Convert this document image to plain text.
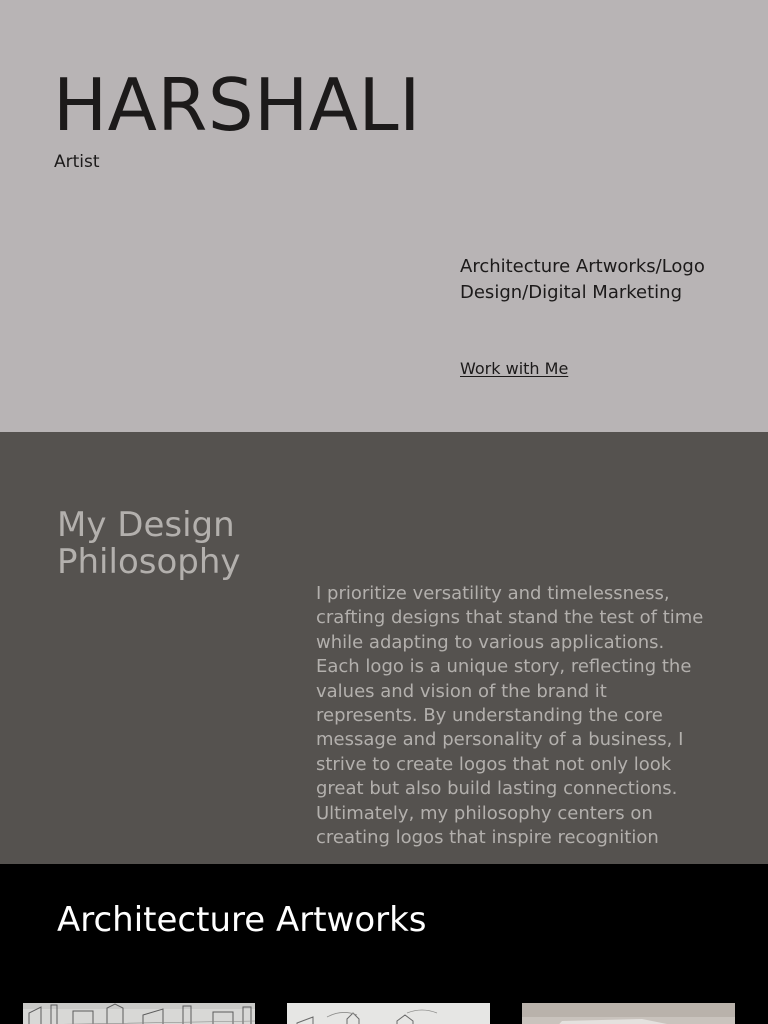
HARSHALI
Artist
Architecture Artworks/Logo Design/Digital Marketing
Work with Me
My Design Philosophy

I prioritize versatility and timelessness, crafting designs that stand the test of time while adapting to various applications. Each logo is a unique story, reflecting the values and vision of the brand it represents. By understanding the core message and personality of a business, I strive to create logos that not only look great but also build lasting connections.

Ultimately, my philosophy centers on creating logos that inspire recognition

Architecture Artworks
